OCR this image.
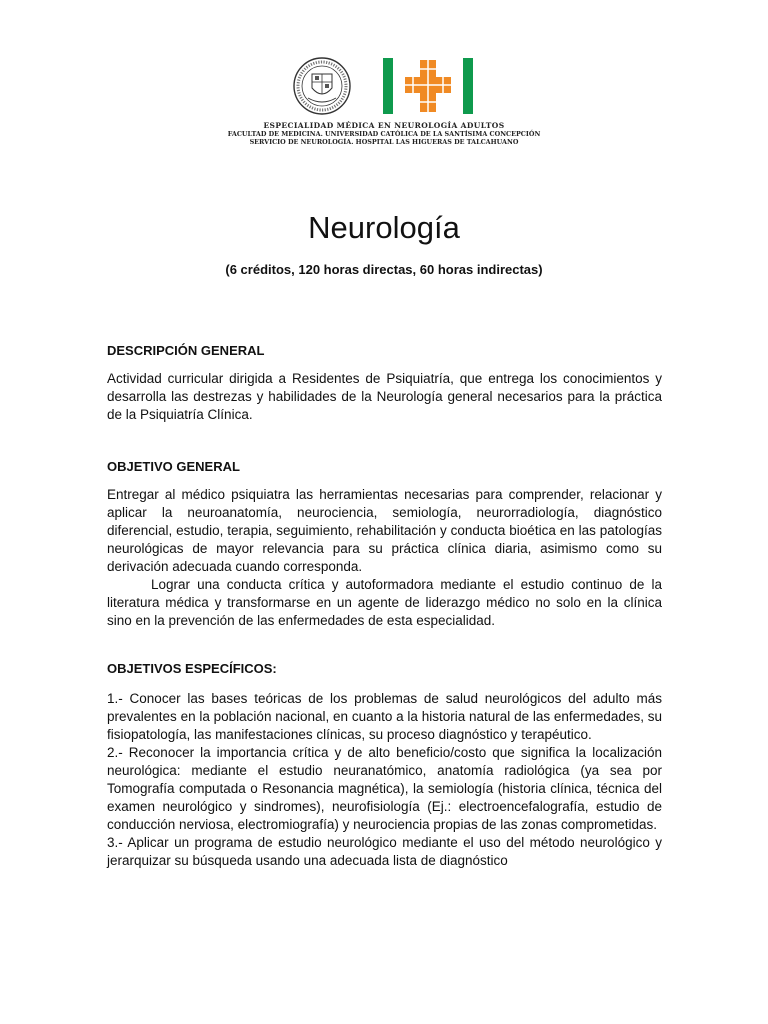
ESPECIALIDAD MÉDICA EN NEUROLOGÍA ADULTOS
FACULTAD DE MEDICINA. UNIVERSIDAD CATÓLICA DE LA SANTÍSIMA CONCEPCIÓN
SERVICIO DE NEUROLOGÍA. HOSPITAL LAS HIGUERAS DE TALCAHUANO
Neurología
(6 créditos, 120 horas directas, 60 horas indirectas)
DESCRIPCIÓN GENERAL

Actividad curricular dirigida a Residentes de Psiquiatría, que entrega los conocimientos y desarrolla las destrezas y habilidades de la Neurología general necesarios para la práctica de la Psiquiatría Clínica.

OBJETIVO GENERAL

Entregar al médico psiquiatra las herramientas necesarias para comprender, relacionar y aplicar la neuroanatomía, neurociencia, semiología, neurorradiología, diagnóstico diferencial, estudio, terapia, seguimiento, rehabilitación y conducta bioética en las patologías neurológicas de mayor relevancia para su práctica clínica diaria, asimismo como su derivación adecuada cuando corresponda.

Lograr una conducta crítica y autoformadora mediante el estudio continuo de la literatura médica y transformarse en un agente de liderazgo médico no solo en la clínica sino en la prevención de las enfermedades de esta especialidad.

OBJETIVOS ESPECÍFICOS:

1.- Conocer las bases teóricas de los problemas de salud neurológicos del adulto más prevalentes en la población nacional, en cuanto a la historia natural de las enfermedades, su fisiopatología, las manifestaciones clínicas, su proceso diagnóstico y terapéutico.

2.- Reconocer la importancia crítica y de alto beneficio/costo que significa la localización neurológica: mediante el estudio neuranatómico, anatomía radiológica (ya sea por Tomografía computada o Resonancia magnética), la semiología (historia clínica, técnica del examen neurológico y sindromes), neurofisiología (Ej.: electroencefalografía, estudio de conducción nerviosa, electromiografía) y neurociencia propias de las zonas comprometidas.

3.- Aplicar un programa de estudio neurológico mediante el uso del método neurológico y jerarquizar su búsqueda usando una adecuada lista de diagnóstico
